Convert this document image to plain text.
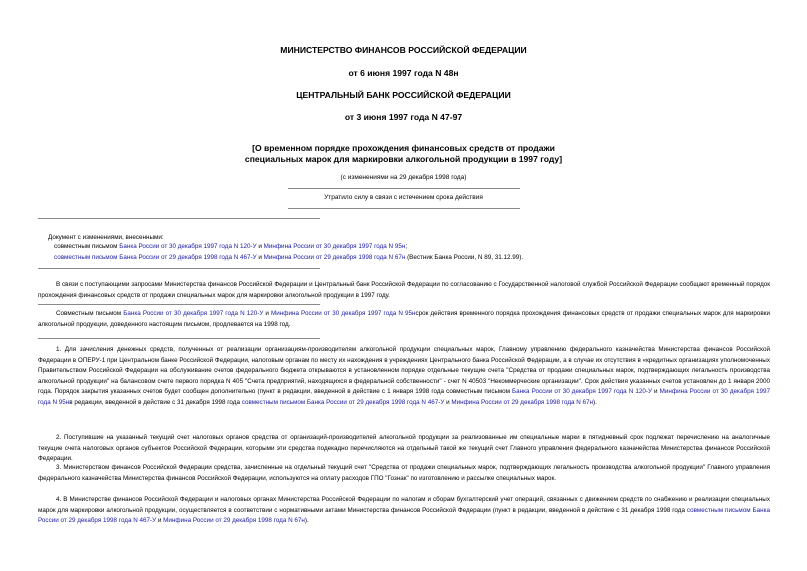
МИНИСТЕРСТВО ФИНАНСОВ РОССИЙСКОЙ ФЕДЕРАЦИИ
от 6 июня 1997 года N 48н
ЦЕНТРАЛЬНЫЙ БАНК РОССИЙСКОЙ ФЕДЕРАЦИИ
от 3 июня 1997 года N 47-97
[О временном порядке прохождения финансовых средств от продажи
специальных марок для маркировки алкогольной продукции в 1997 году]
(с изменениями на 29 декабря 1998 года)
Утратило силу в связи с истечением срока действия
Документ с изменениями, внесенными:
совместным письмом Банка России от 30 декабря 1997 года N 120-У и Минфина России от 30 декабря 1997 года N 95н;
совместным письмом Банка России от 29 декабря 1998 года N 467-У и Минфина России от 29 декабря 1998 года N 67н (Вестник Банка России, N 89, 31.12.99).
В связи с поступающими запросами Министерства финансов Российской Федерации и Центральный банк Российской Федерации по согласованию с Государственной налоговой службой Российской Федерации сообщают временный порядок прохождения финансовых средств от продажи специальных марок для маркировки алкогольной продукции в 1997 году.
Совместным письмом Банка России от 30 декабря 1997 года N 120-У и Минфина России от 30 декабря 1997 года N 95нсрок действия временного порядка прохождения финансовых средств от продажи специальных марок для маркировки алкогольной продукции, доведенного настоящим письмом, продлевается на 1998 год.
1. Для зачисления денежных средств, полученных от реализации организациям-производителям алкогольной продукции специальных марок, Главному управлению федерального казначейства Министерства финансов Российской Федерации в ОПЕРУ-1 при Центральном банке Российской Федерации, налоговым органам по месту их нахождения в учреждениях Центрального банка Российской Федерации, а в случае их отсутствия в «кредитных организациях уполномоченных Правительством Российской Федерации на обслуживание счетов федерального бюджета открываются в установленном порядке отдельные текущие счета "Средства от продажи специальных марок, подтверждающих легальность производства алкогольной продукции" на балансовом счете первого порядка N 405 "Счета предприятий, находящихся в федеральной собственности" - счет N 40503 "Некоммерческие организации". Срок действия указанных счетов установлен до 1 января 2000 года. Порядок закрытия указанных счетов будет сообщен дополнительно (пункт в редакции, введенной в действие с 1 января 1998 года совместным письмом Банка России от 30 декабря 1997 года N 120-У и Минфина России от 30 декабря 1997 года N 95нв редакции, введенной в действие с 31 декабря 1998 года совместным письмом Банка России от 29 декабря 1998 года N 467-У и Минфина России от 29 декабря 1998 года N 67н).
2. Поступившие на указанный текущий счет налоговых органов средства от организаций-производителей алкогольной продукции за реализованные им специальные марки в пятидневный срок подлежат перечислению на аналогичные текущие счета налоговых органов субъектов Российской Федерации, которыми эти средства подекадно перечисляются на отдельный такой же текущий счет Главного управления федерального казначейства Министерства финансов Российской Федерации.
3. Министерством финансов Российской Федерации средства, зачисленные на отдельный текущий счет "Средства от продажи специальных марок, подтверждающих легальность производства алкогольной продукции" Главного управления федерального казначейства Министерства финансов Российской Федерации, используются на оплату расходов ГПО "Гознак" по изготовлению и рассылке специальных марок.
4. В Министерстве финансов Российской Федерации и налоговых органах Министерства Российской Федерации по налогам и сборам бухгалтерский учет операций, связанных с движением средств по снабжению и реализации специальных марок для маркировки алкогольной продукции, осуществляется в соответствии с нормативными актами Министерства финансов Российской Федерации (пункт в редакции, введенной в действие с 31 декабря 1998 года совместным письмом Банка России от 29 декабря 1998 года N 467-У и Минфина России от 29 декабря 1998 года N 67н).
